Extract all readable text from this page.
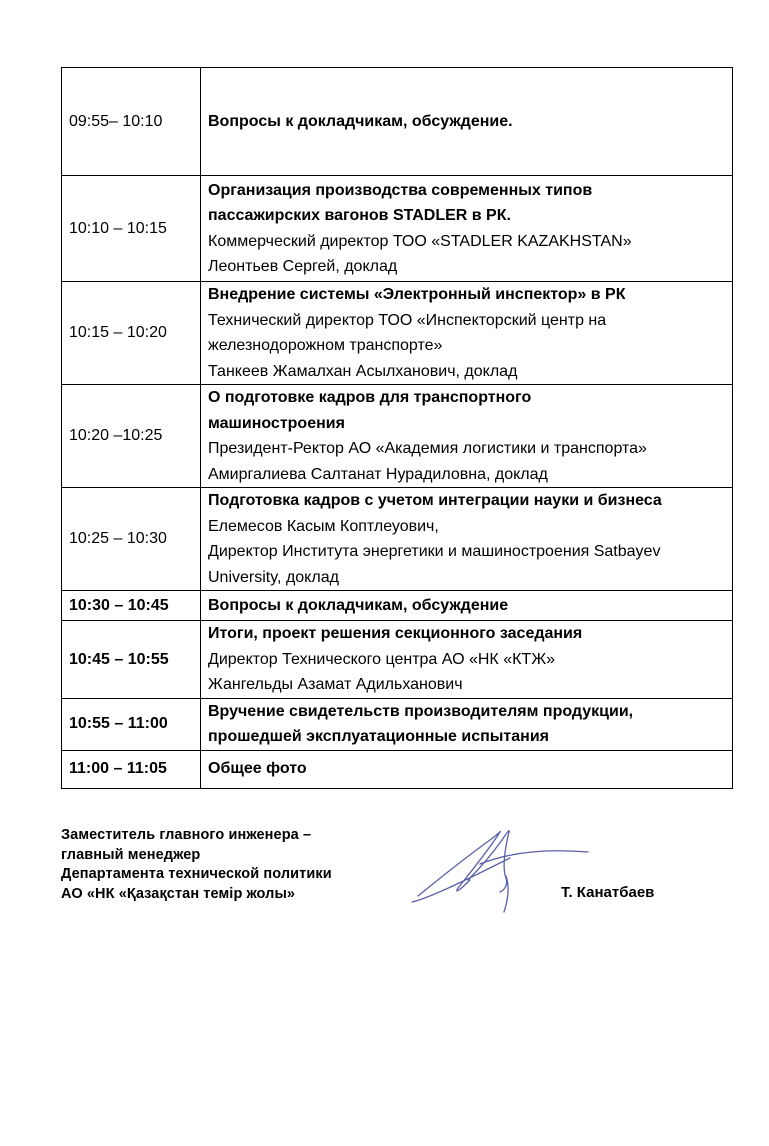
09:55– 10:10	Вопросы к докладчикам, обсуждение.

10:10 – 10:15	Организация производства современных типов
пассажирских вагонов STADLER в РК.
Коммерческий директор ТОО «STADLER KAZAKHSTAN»
Леонтьев Сергей, доклад

10:15 – 10:20	Внедрение системы «Электронный инспектор» в РК
Технический директор ТОО «Инспекторский центр на
железнодорожном транспорте»
Танкеев Жамалхан Асылханович, доклад

10:20 –10:25	О подготовке кадров для транспортного
машиностроения
Президент-Ректор АО «Академия логистики и транспорта»
Амиргалиева Салтанат Нурадиловна, доклад

10:25 – 10:30	Подготовка кадров с учетом интеграции науки и бизнеса
Елемесов Касым Коптлеуович,
Директор Института энергетики и машиностроения Satbayev
University, доклад

10:30 – 10:45	Вопросы к докладчикам, обсуждение

10:45 – 10:55	Итоги, проект решения секционного заседания
Директор Технического центра АО «НК «КТЖ»
Жангельды Азамат Адильханович

10:55 – 11:00	Вручение свидетельств производителям продукции,
прошедшей эксплуатационные испытания

11:00 – 11:05	Общее фото
Заместитель главного инженера –
главный менеджер
Департамента технической политики
АО «НК «Қазақстан темір жолы»	Т. Канатбаев
